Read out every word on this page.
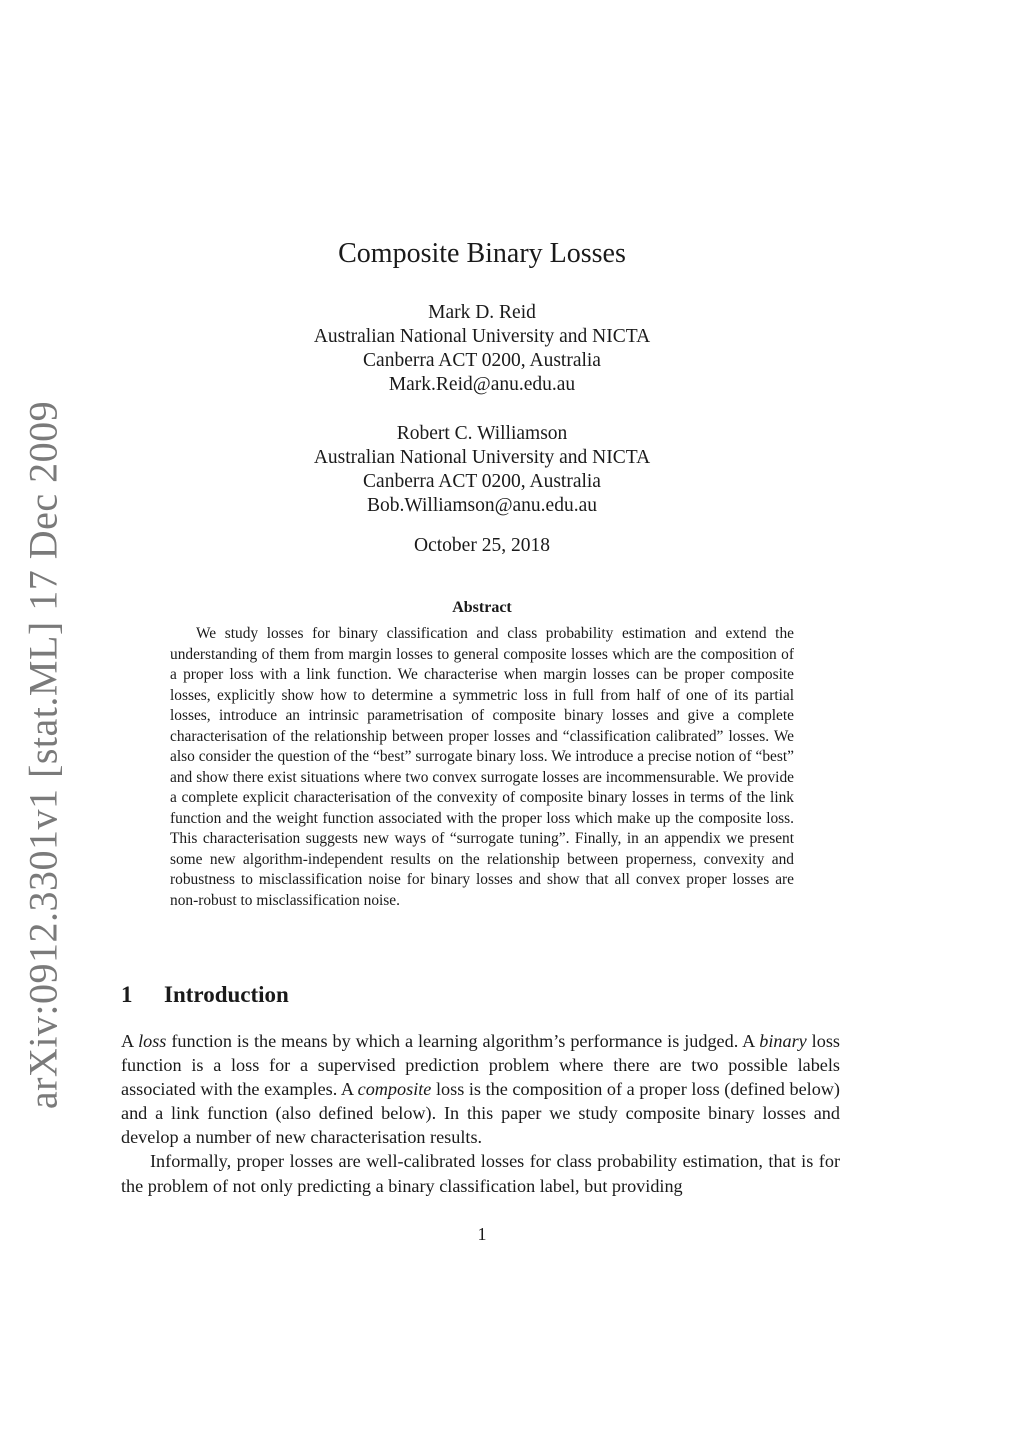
arXiv:0912.3301v1 [stat.ML] 17 Dec 2009
Composite Binary Losses
Mark D. Reid
Australian National University and NICTA
Canberra ACT 0200, Australia
Mark.Reid@anu.edu.au
Robert C. Williamson
Australian National University and NICTA
Canberra ACT 0200, Australia
Bob.Williamson@anu.edu.au
October 25, 2018
Abstract

We study losses for binary classification and class probability estimation and extend the understanding of them from margin losses to general composite losses which are the composition of a proper loss with a link function. We characterise when margin losses can be proper composite losses, explicitly show how to determine a symmetric loss in full from half of one of its partial losses, introduce an intrinsic parametrisation of composite binary losses and give a complete characterisation of the relationship between proper losses and “classification calibrated” losses. We also consider the question of the “best” surrogate binary loss. We introduce a precise notion of “best” and show there exist situations where two convex surrogate losses are incommensurable. We provide a complete explicit characterisation of the convexity of composite binary losses in terms of the link function and the weight function associated with the proper loss which make up the composite loss. This characterisation suggests new ways of “surrogate tuning”. Finally, in an appendix we present some new algorithm-independent results on the relationship between properness, convexity and robustness to misclassification noise for binary losses and show that all convex proper losses are non-robust to misclassification noise.

1 Introduction

A loss function is the means by which a learning algorithm’s performance is judged. A binary loss function is a loss for a supervised prediction problem where there are two possible labels associated with the examples. A composite loss is the composition of a proper loss (defined below) and a link function (also defined below). In this paper we study composite binary losses and develop a number of new characterisation results.

Informally, proper losses are well-calibrated losses for class probability estimation, that is for the problem of not only predicting a binary classification label, but providing

1
